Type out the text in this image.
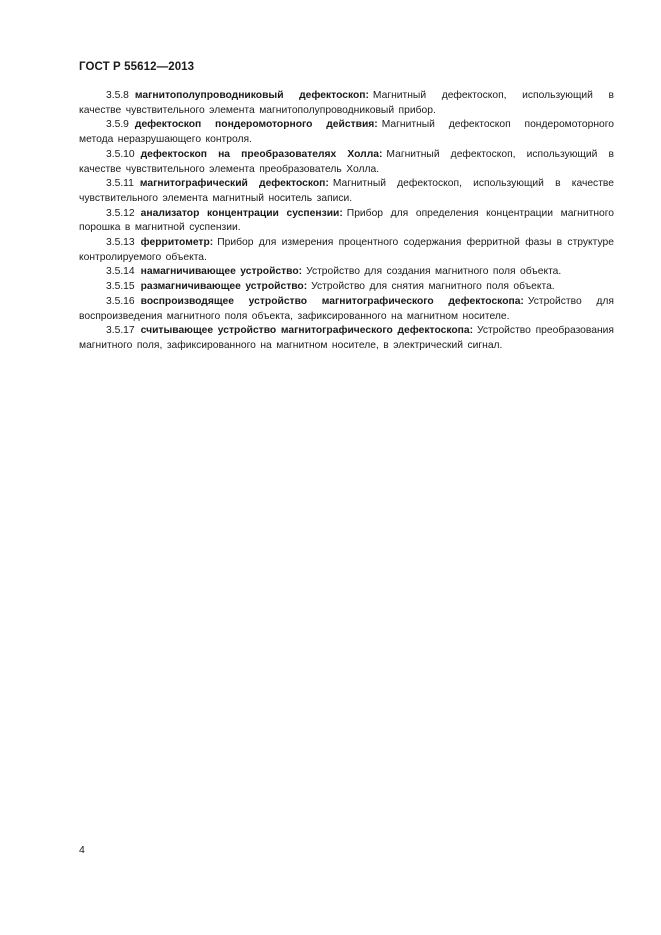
ГОСТ Р 55612—2013

3.5.8 магнитополупроводниковый дефектоскоп: Магнитный дефектоскоп, использующий в качестве чувствительного элемента магнитополупроводниковый прибор.

3.5.9 дефектоскоп пондеромоторного действия: Магнитный дефектоскоп пондеромоторного метода неразрушающего контроля.

3.5.10 дефектоскоп на преобразователях Холла: Магнитный дефектоскоп, использующий в качестве чувствительного элемента преобразователь Холла.

3.5.11 магнитографический дефектоскоп: Магнитный дефектоскоп, использующий в качестве чувствительного элемента магнитный носитель записи.

3.5.12 анализатор концентрации суспензии: Прибор для определения концентрации магнитного порошка в магнитной суспензии.

3.5.13 ферритометр: Прибор для измерения процентного содержания ферритной фазы в структуре контролируемого объекта.

3.5.14 намагничивающее устройство: Устройство для создания магнитного поля объекта.

3.5.15 размагничивающее устройство: Устройство для снятия магнитного поля объекта.

3.5.16 воспроизводящее устройство магнитографического дефектоскопа: Устройство для воспроизведения магнитного поля объекта, зафиксированного на магнитном носителе.

3.5.17 считывающее устройство магнитографического дефектоскопа: Устройство преобразования магнитного поля, зафиксированного на магнитном носителе, в электрический сигнал.

4
